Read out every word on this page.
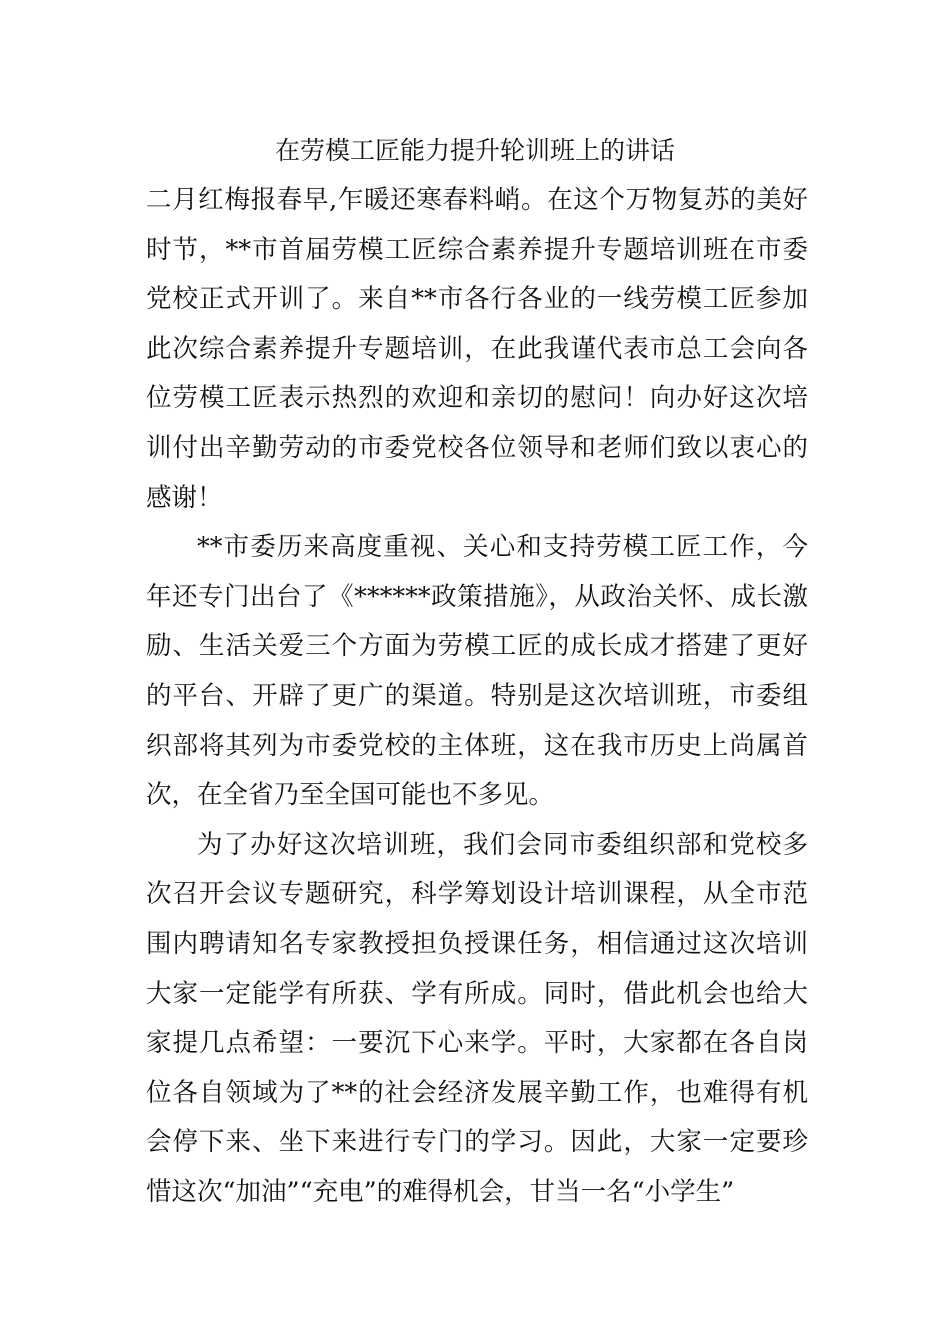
在劳模工匠能力提升轮训班上的讲话

二月红梅报春早,乍暖还寒春料峭。在这个万物复苏的美好时节，**市首届劳模工匠综合素养提升专题培训班在市委党校正式开训了。来自**市各行各业的一线劳模工匠参加此次综合素养提升专题培训，在此我谨代表市总工会向各位劳模工匠表示热烈的欢迎和亲切的慰问！向办好这次培训付出辛勤劳动的市委党校各位领导和老师们致以衷心的感谢！

**市委历来高度重视、关心和支持劳模工匠工作，今年还专门出台了《******政策措施》，从政治关怀、成长激励、生活关爱三个方面为劳模工匠的成长成才搭建了更好的平台、开辟了更广的渠道。特别是这次培训班，市委组织部将其列为市委党校的主体班，这在我市历史上尚属首次，在全省乃至全国可能也不多见。

为了办好这次培训班，我们会同市委组织部和党校多次召开会议专题研究，科学筹划设计培训课程，从全市范围内聘请知名专家教授担负授课任务，相信通过这次培训大家一定能学有所获、学有所成。同时，借此机会也给大家提几点希望：一要沉下心来学。平时，大家都在各自岗位各自领域为了**的社会经济发展辛勤工作，也难得有机会停下来、坐下来进行专门的学习。因此，大家一定要珍惜这次“加油”“充电”的难得机会，甘当一名“小学生”
